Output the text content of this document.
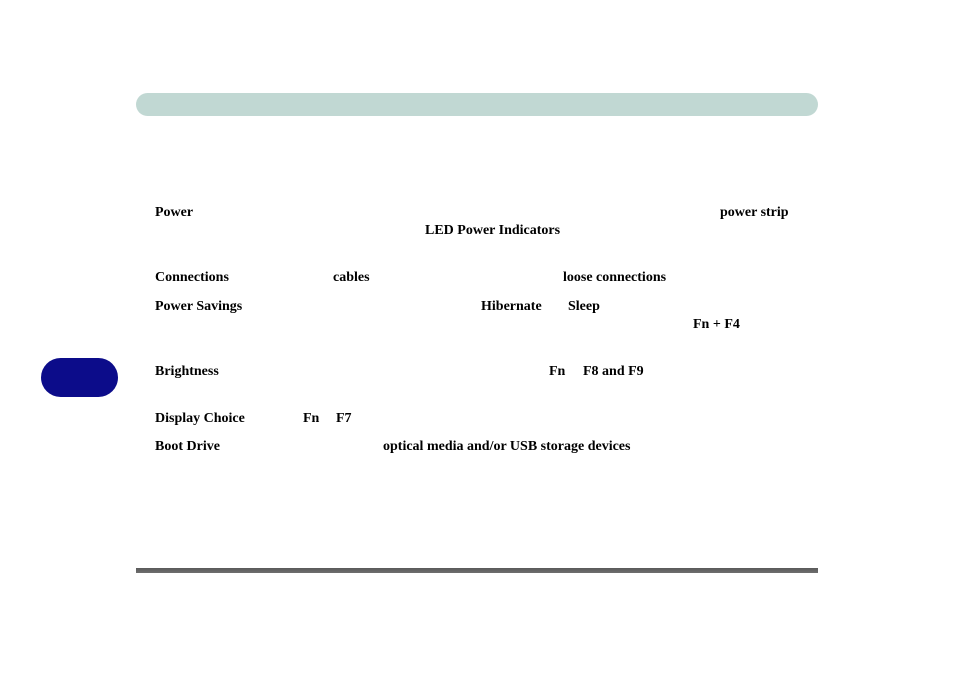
Power	power strip
LED Power Indicators
Connections	cables	loose connections
Power Savings	Hibernate Sleep
Fn + F4
Brightness	Fn F8 and F9
Display Choice	Fn F7
Boot Drive	optical media and/or USB storage devices
